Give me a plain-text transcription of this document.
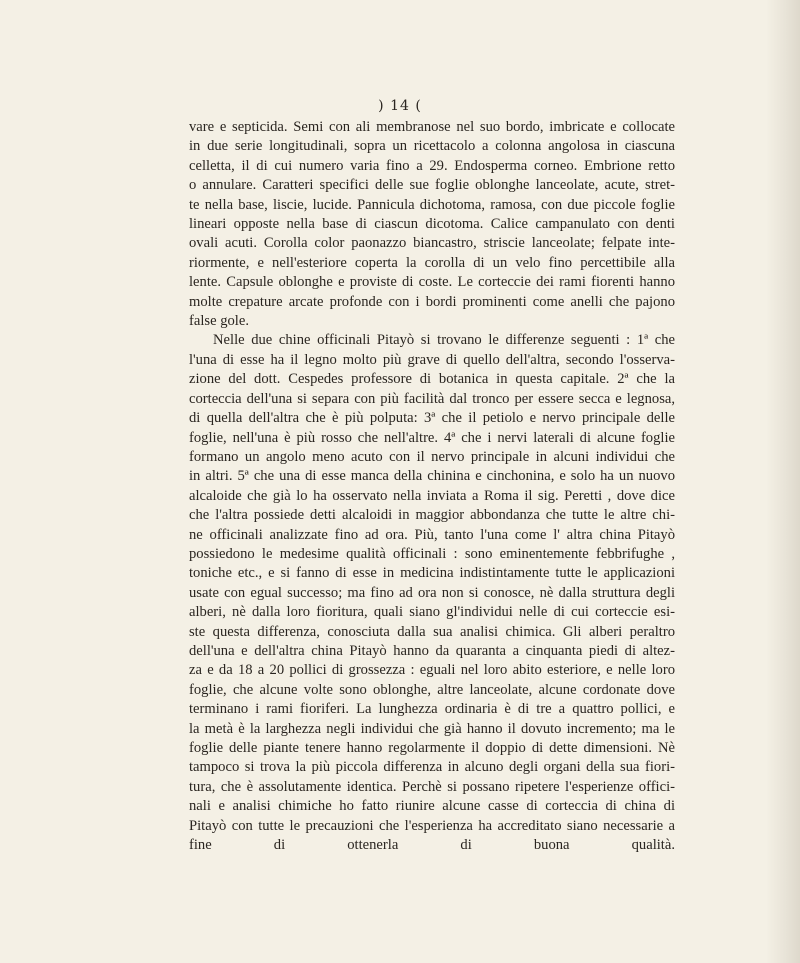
) 14 (
vare e septicida. Semi con ali membranose nel suo bordo, imbricate e collocate
in due serie longitudinali, sopra un ricettacolo a colonna angolosa in ciascuna
celletta, il di cui numero varia fino a 29. Endosperma corneo. Embrione retto
o annulare. Caratteri specifici delle sue foglie oblonghe lanceolate, acute, stret-
te nella base, liscie, lucide. Pannicula dichotoma, ramosa, con due piccole foglie
lineari opposte nella base di ciascun dicotoma. Calice campanulato con denti
ovali acuti. Corolla color paonazzo biancastro, striscie lanceolate; felpate inte-
riormente, e nell'esteriore coperta la corolla di un velo fino percettibile alla
lente. Capsule oblonghe e proviste di coste. Le corteccie dei rami fiorenti hanno
molte crepature arcate profonde con i bordi prominenti come anelli che pajono
false gole.
Nelle due chine officinali Pitayò si trovano le differenze seguenti : 1ª che
l'una di esse ha il legno molto più grave di quello dell'altra, secondo l'osserva-
zione del dott. Cespedes professore di botanica in questa capitale. 2ª che la
corteccia dell'una si separa con più facilità dal tronco per essere secca e legnosa,
di quella dell'altra che è più polputa: 3ª che il petiolo e nervo principale delle
foglie, nell'una è più rosso che nell'altre. 4ª che i nervi laterali di alcune foglie
formano un angolo meno acuto con il nervo principale in alcuni individui che
in altri. 5ª che una di esse manca della chinina e cinchonina, e solo ha un nuovo
alcaloide che già lo ha osservato nella inviata a Roma il sig. Peretti , dove dice
che l'altra possiede detti alcaloidi in maggior abbondanza che tutte le altre chi-
ne officinali analizzate fino ad ora. Più, tanto l'una come l' altra china Pitayò
possiedono le medesime qualità officinali : sono eminentemente febbrifughe ,
toniche etc., e si fanno di esse in medicina indistintamente tutte le applicazioni
usate con egual successo; ma fino ad ora non si conosce, nè dalla struttura degli
alberi, nè dalla loro fioritura, quali siano gl'individui nelle di cui corteccie esi-
ste questa differenza, conosciuta dalla sua analisi chimica. Gli alberi peraltro
dell'una e dell'altra china Pitayò hanno da quaranta a cinquanta piedi di altez-
za e da 18 a 20 pollici di grossezza : eguali nel loro abito esteriore, e nelle loro
foglie, che alcune volte sono oblonghe, altre lanceolate, alcune cordonate dove
terminano i rami fioriferi. La lunghezza ordinaria è di tre a quattro pollici, e
la metà è la larghezza negli individui che già hanno il dovuto incremento; ma le
foglie delle piante tenere hanno regolarmente il doppio di dette dimensioni. Nè
tampoco si trova la più piccola differenza in alcuno degli organi della sua fiori-
tura, che è assolutamente identica. Perchè si possano ripetere l'esperienze offici-
nali e analisi chimiche ho fatto riunire alcune casse di corteccia di china di
Pitayò con tutte le precauzioni che l'esperienza ha accreditato siano necessarie a
fine di ottenerla di buona qualità.
